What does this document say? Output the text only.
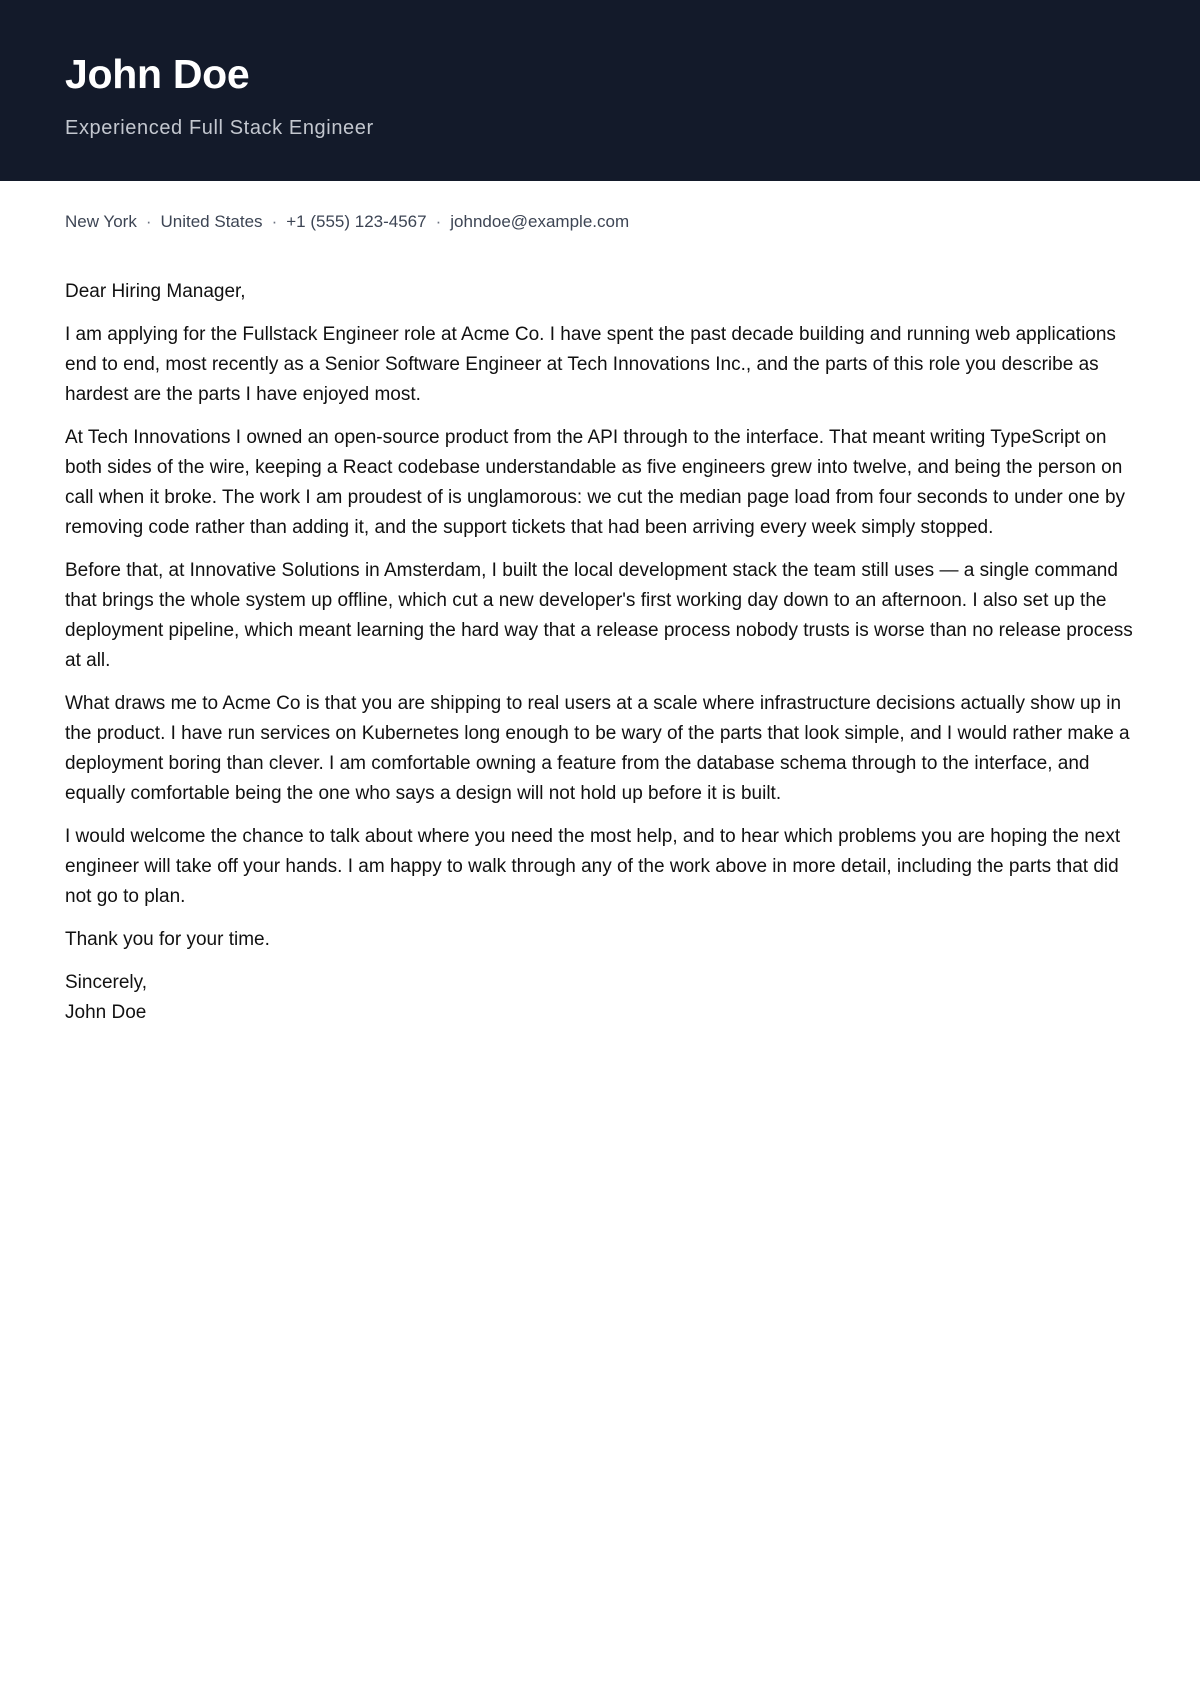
John Doe
Experienced Full Stack Engineer
New York · United States · +1 (555) 123-4567 · johndoe@example.com

Dear Hiring Manager,

I am applying for the Fullstack Engineer role at Acme Co. I have spent the past decade building and running web applications end to end, most recently as a Senior Software Engineer at Tech Innovations Inc., and the parts of this role you describe as hardest are the parts I have enjoyed most.

At Tech Innovations I owned an open-source product from the API through to the interface. That meant writing TypeScript on both sides of the wire, keeping a React codebase understandable as five engineers grew into twelve, and being the person on call when it broke. The work I am proudest of is unglamorous: we cut the median page load from four seconds to under one by removing code rather than adding it, and the support tickets that had been arriving every week simply stopped.

Before that, at Innovative Solutions in Amsterdam, I built the local development stack the team still uses — a single command that brings the whole system up offline, which cut a new developer's first working day down to an afternoon. I also set up the deployment pipeline, which meant learning the hard way that a release process nobody trusts is worse than no release process at all.

What draws me to Acme Co is that you are shipping to real users at a scale where infrastructure decisions actually show up in the product. I have run services on Kubernetes long enough to be wary of the parts that look simple, and I would rather make a deployment boring than clever. I am comfortable owning a feature from the database schema through to the interface, and equally comfortable being the one who says a design will not hold up before it is built.

I would welcome the chance to talk about where you need the most help, and to hear which problems you are hoping the next engineer will take off your hands. I am happy to walk through any of the work above in more detail, including the parts that did not go to plan.

Thank you for your time.

Sincerely,

John Doe
